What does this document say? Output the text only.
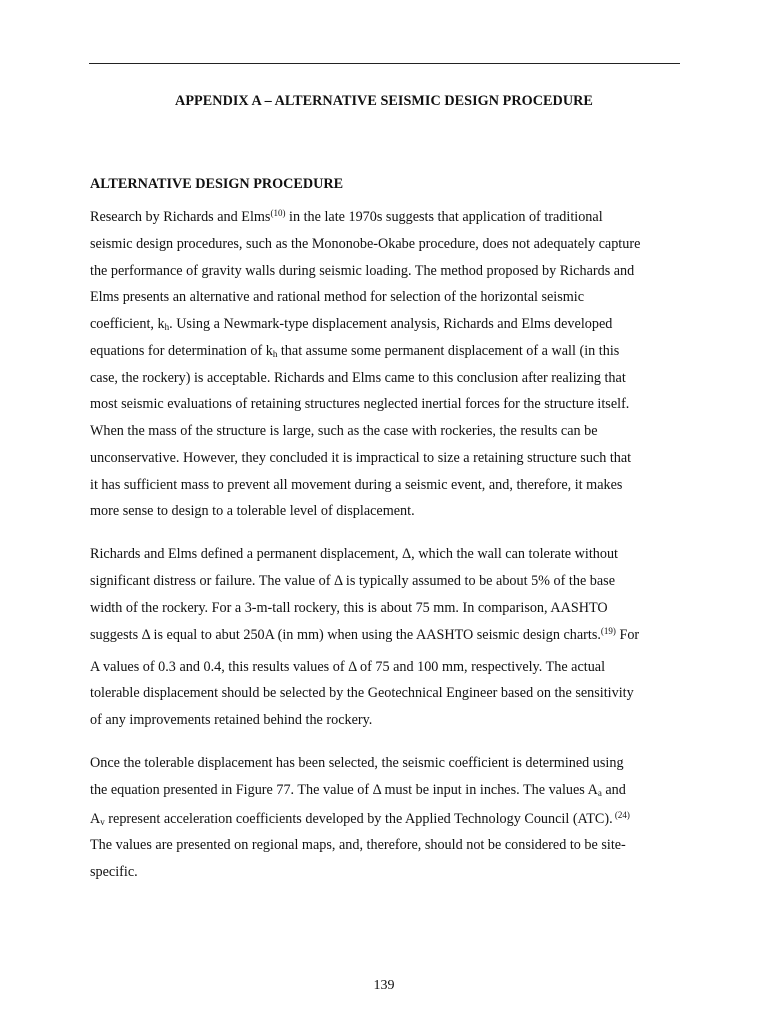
APPENDIX A – ALTERNATIVE SEISMIC DESIGN PROCEDURE
ALTERNATIVE DESIGN PROCEDURE
Research by Richards and Elms$^{(10)}$ in the late 1970s suggests that application of traditional
seismic design procedures, such as the Mononobe-Okabe procedure, does not adequately capture
the performance of gravity walls during seismic loading. The method proposed by Richards and
Elms presents an alternative and rational method for selection of the horizontal seismic
coefficient, $k_h$. Using a Newmark-type displacement analysis, Richards and Elms developed
equations for determination of $k_h$ that assume some permanent displacement of a wall (in this
case, the rockery) is acceptable. Richards and Elms came to this conclusion after realizing that
most seismic evaluations of retaining structures neglected inertial forces for the structure itself.
When the mass of the structure is large, such as the case with rockeries, the results can be
unconservative. However, they concluded it is impractical to size a retaining structure such that
it has sufficient mass to prevent all movement during a seismic event, and, therefore, it makes
more sense to design to a tolerable level of displacement.
Richards and Elms defined a permanent displacement, Δ, which the wall can tolerate without
significant distress or failure. The value of Δ is typically assumed to be about 5% of the base
width of the rockery. For a 3-m-tall rockery, this is about 75 mm. In comparison, AASHTO
suggests Δ is equal to abut 250A (in mm) when using the AASHTO seismic design charts.$^{(19)}$ For
A values of 0.3 and 0.4, this results values of Δ of 75 and 100 mm, respectively. The actual
tolerable displacement should be selected by the Geotechnical Engineer based on the sensitivity
of any improvements retained behind the rockery.
Once the tolerable displacement has been selected, the seismic coefficient is determined using
the equation presented in Figure 77. The value of Δ must be input in inches. The values $A_a$ and
$A_v$ represent acceleration coefficients developed by the Applied Technology Council (ATC). $^{(24)}$
The values are presented on regional maps, and, therefore, should not be considered to be site-
specific.
139
